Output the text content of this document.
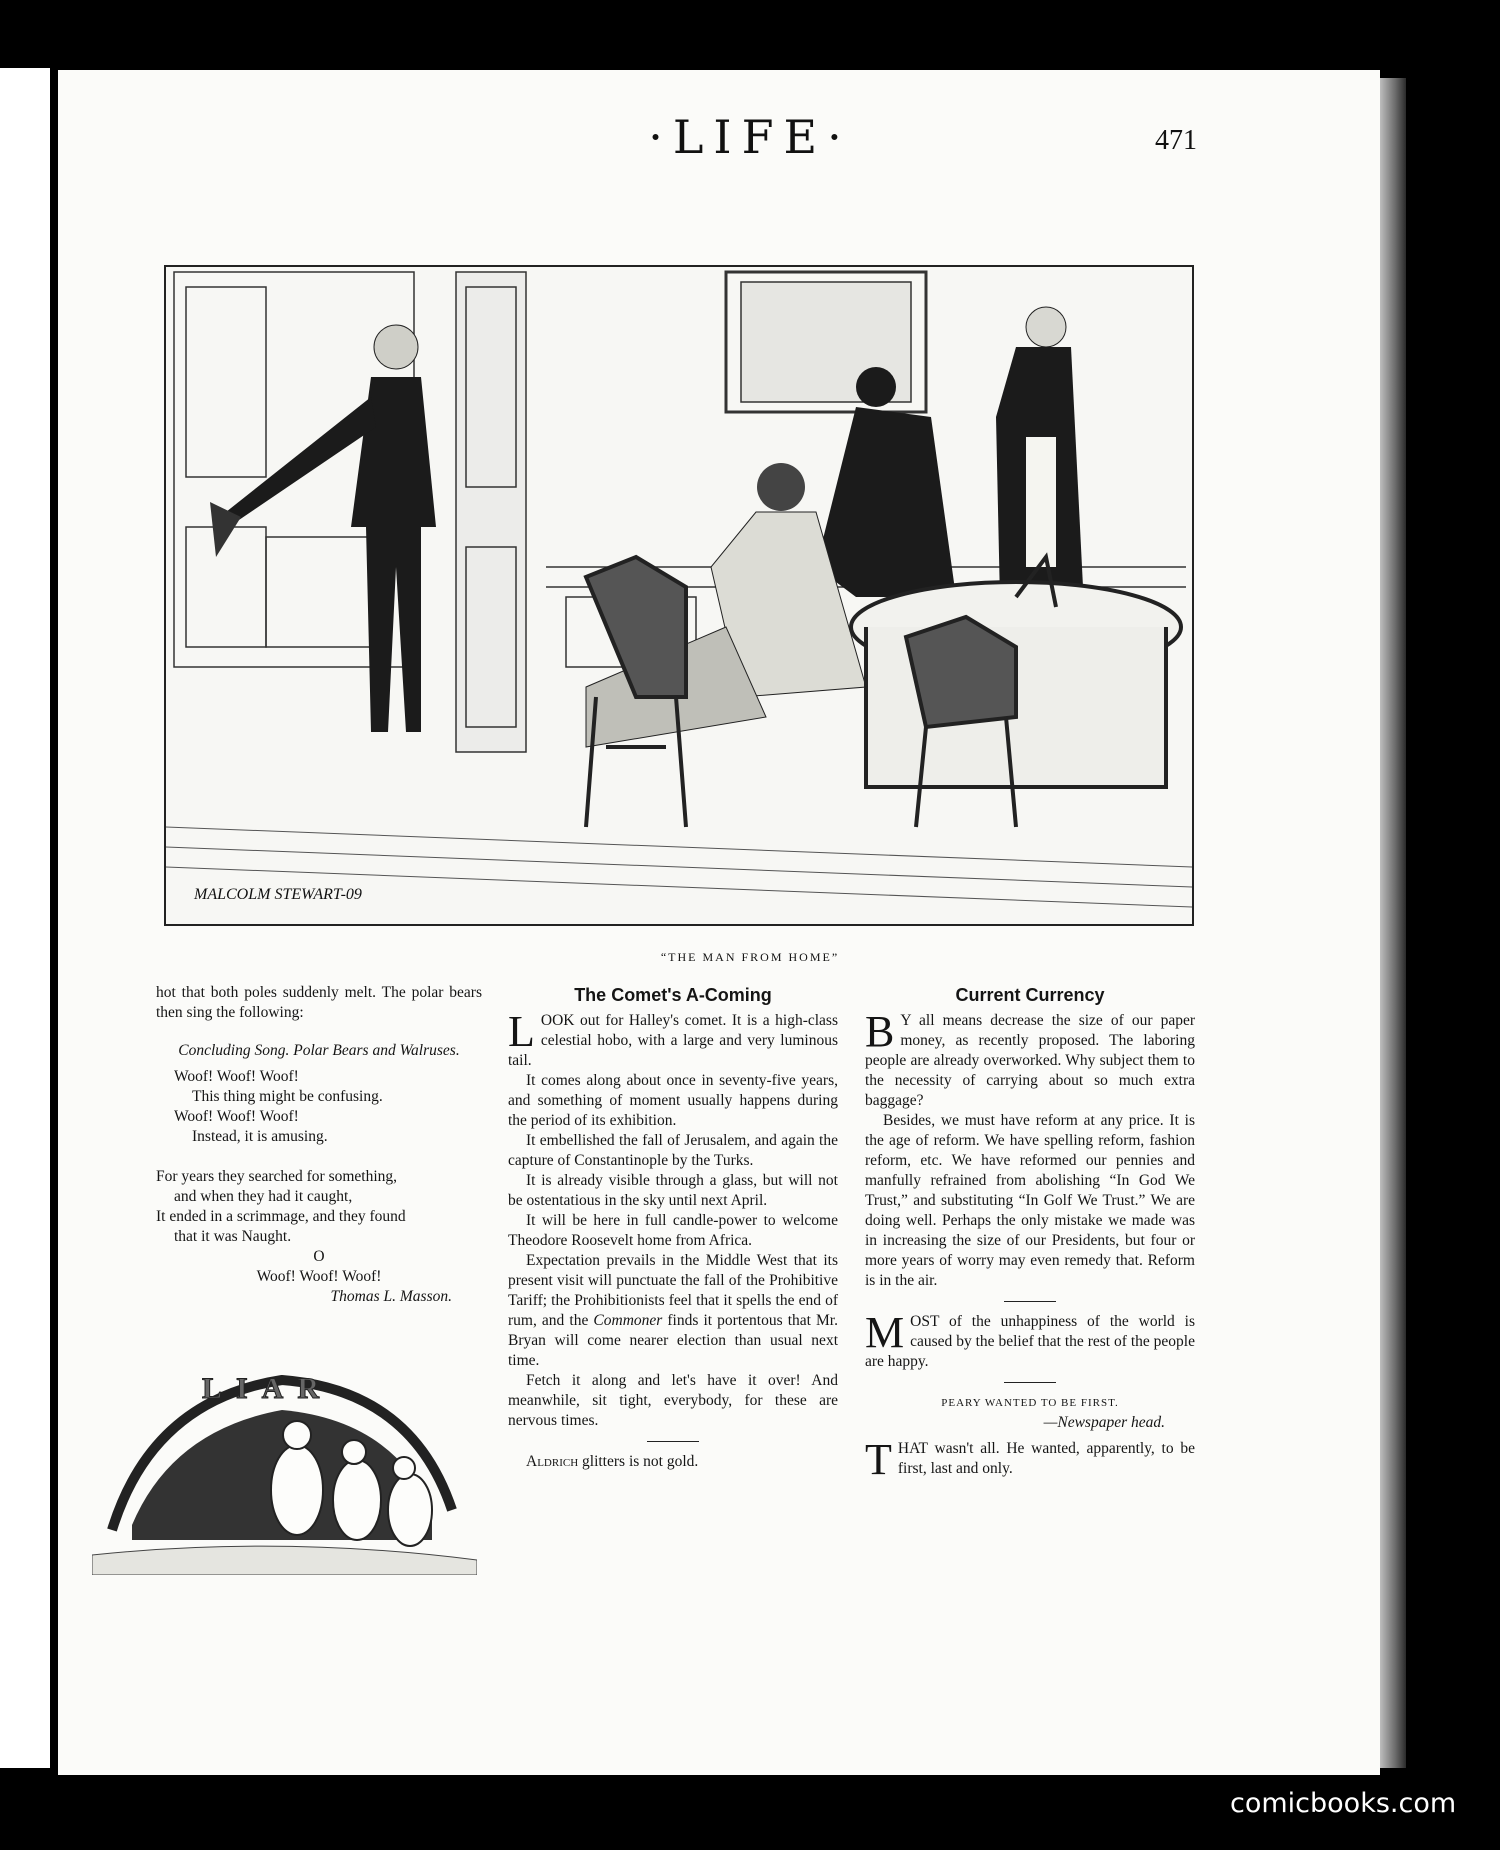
·LIFE·	471
MALCOLM STEWART-09
“THE MAN FROM HOME”

hot that both poles suddenly melt. The polar bears then sing the following:

Concluding Song. Polar Bears and Walruses.

Woof! Woof! Woof!
This thing might be confusing.
Woof! Woof! Woof!
Instead, it is amusing.
For years they searched for something,
and when they had it caught,
It ended in a scrimmage, and they found
that it was Naught.
O
Woof! Woof! Woof!
Thomas L. Masson.
LIAR

The Comet's A-Coming

LOOK out for Halley's comet. It is a high-class celestial hobo, with a large and very luminous tail.

It comes along about once in seventy-five years, and something of moment usually happens during the period of its exhibition.

It embellished the fall of Jerusalem, and again the capture of Constantinople by the Turks.

It is already visible through a glass, but will not be ostentatious in the sky until next April.

It will be here in full candle-power to welcome Theodore Roosevelt home from Africa.

Expectation prevails in the Middle West that its present visit will punctuate the fall of the Prohibitive Tariff; the Prohibitionists feel that it spells the end of rum, and the Commoner finds it portentous that Mr. Bryan will come nearer election than usual next time.

Fetch it along and let's have it over! And meanwhile, sit tight, everybody, for these are nervous times.

Aldrich glitters is not gold.

Current Currency

B Y all means decrease the size of our paper money, as recently proposed. The laboring people are already overworked. Why subject them to the necessity of carrying about so much extra baggage?

Besides, we must have reform at any price. It is the age of reform. We have spelling reform, fashion reform, etc. We have reformed our pennies and manfully refrained from abolishing “In God We Trust,” and substituting “In Golf We Trust.” We are doing well. Perhaps the only mistake we made was in increasing the size of our Presidents, but four or more years of worry may even remedy that. Reform is in the air.

MOST of the unhappiness of the world is caused by the belief that the rest of the people are happy.

PEARY WANTED TO BE FIRST.

—Newspaper head.

THAT wasn't all. He wanted, apparently, to be first, last and only.

comicbooks.com
